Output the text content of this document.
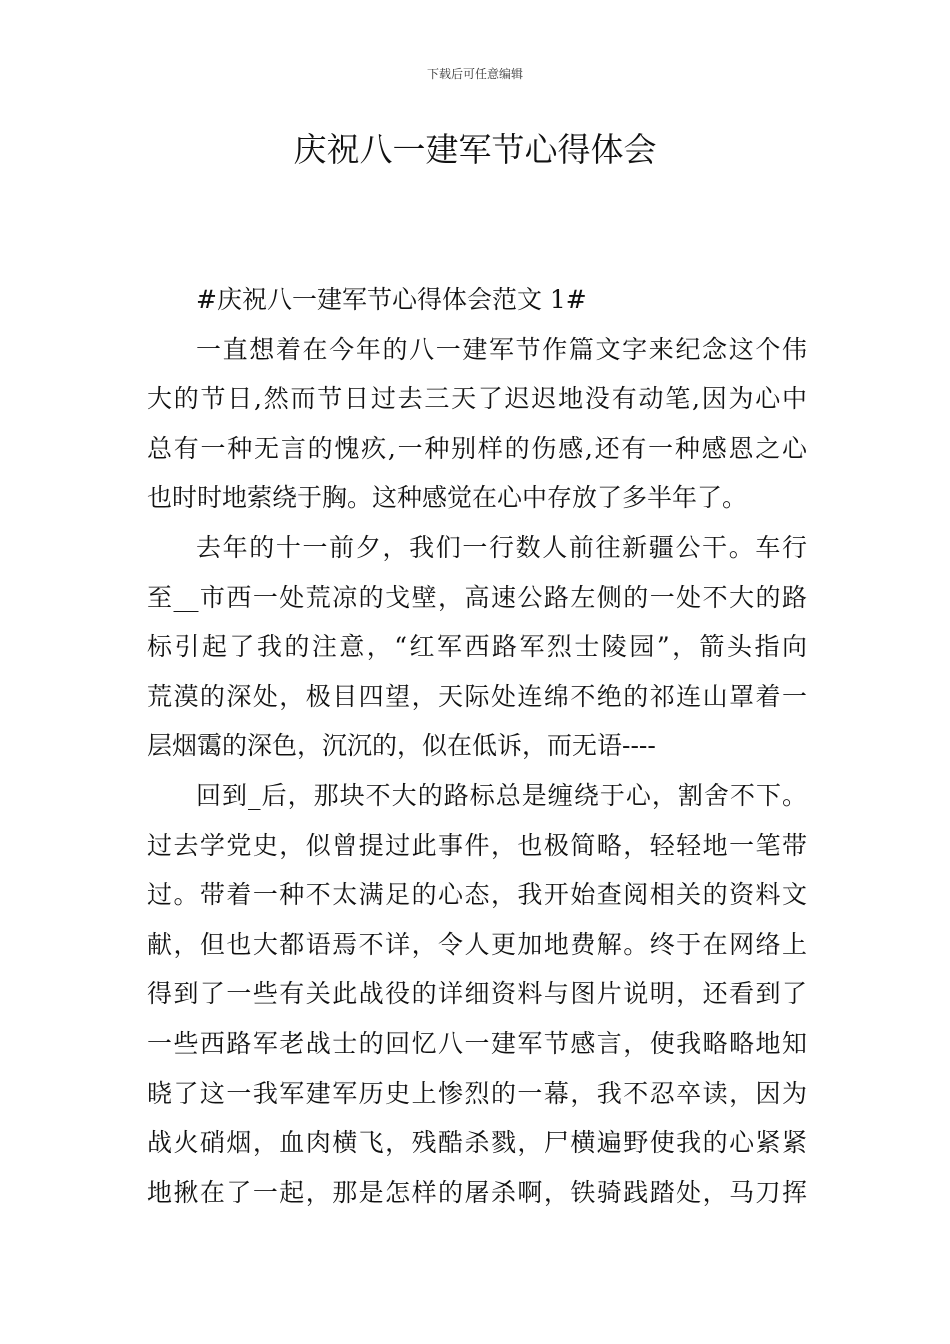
下载后可任意编辑
庆祝八一建军节心得体会
#庆祝八一建军节心得体会范文 1#
一直想着在今年的八一建军节作篇文字来纪念这个伟
大的节日,然而节日过去三天了迟迟地没有动笔,因为心中
总有一种无言的愧疚,一种别样的伤感,还有一种感恩之心
也时时地萦绕于胸。这种感觉在心中存放了多半年了。
去年的十一前夕，我们一行数人前往新疆公干。车行
至__市西一处荒凉的戈壁，高速公路左侧的一处不大的路
标引起了我的注意，“红军西路军烈士陵园”，箭头指向
荒漠的深处，极目四望，天际处连绵不绝的祁连山罩着一
层烟霭的深色，沉沉的，似在低诉，而无语----
回到_后，那块不大的路标总是缠绕于心，割舍不下。
过去学党史，似曾提过此事件，也极简略，轻轻地一笔带
过。带着一种不太满足的心态，我开始查阅相关的资料文
献，但也大都语焉不详，令人更加地费解。终于在网络上
得到了一些有关此战役的详细资料与图片说明，还看到了
一些西路军老战士的回忆八一建军节感言，使我略略地知
晓了这一我军建军历史上惨烈的一幕，我不忍卒读，因为
战火硝烟，血肉横飞，残酷杀戮，尸横遍野使我的心紧紧
地揪在了一起，那是怎样的屠杀啊，铁骑践踏处，马刀挥
